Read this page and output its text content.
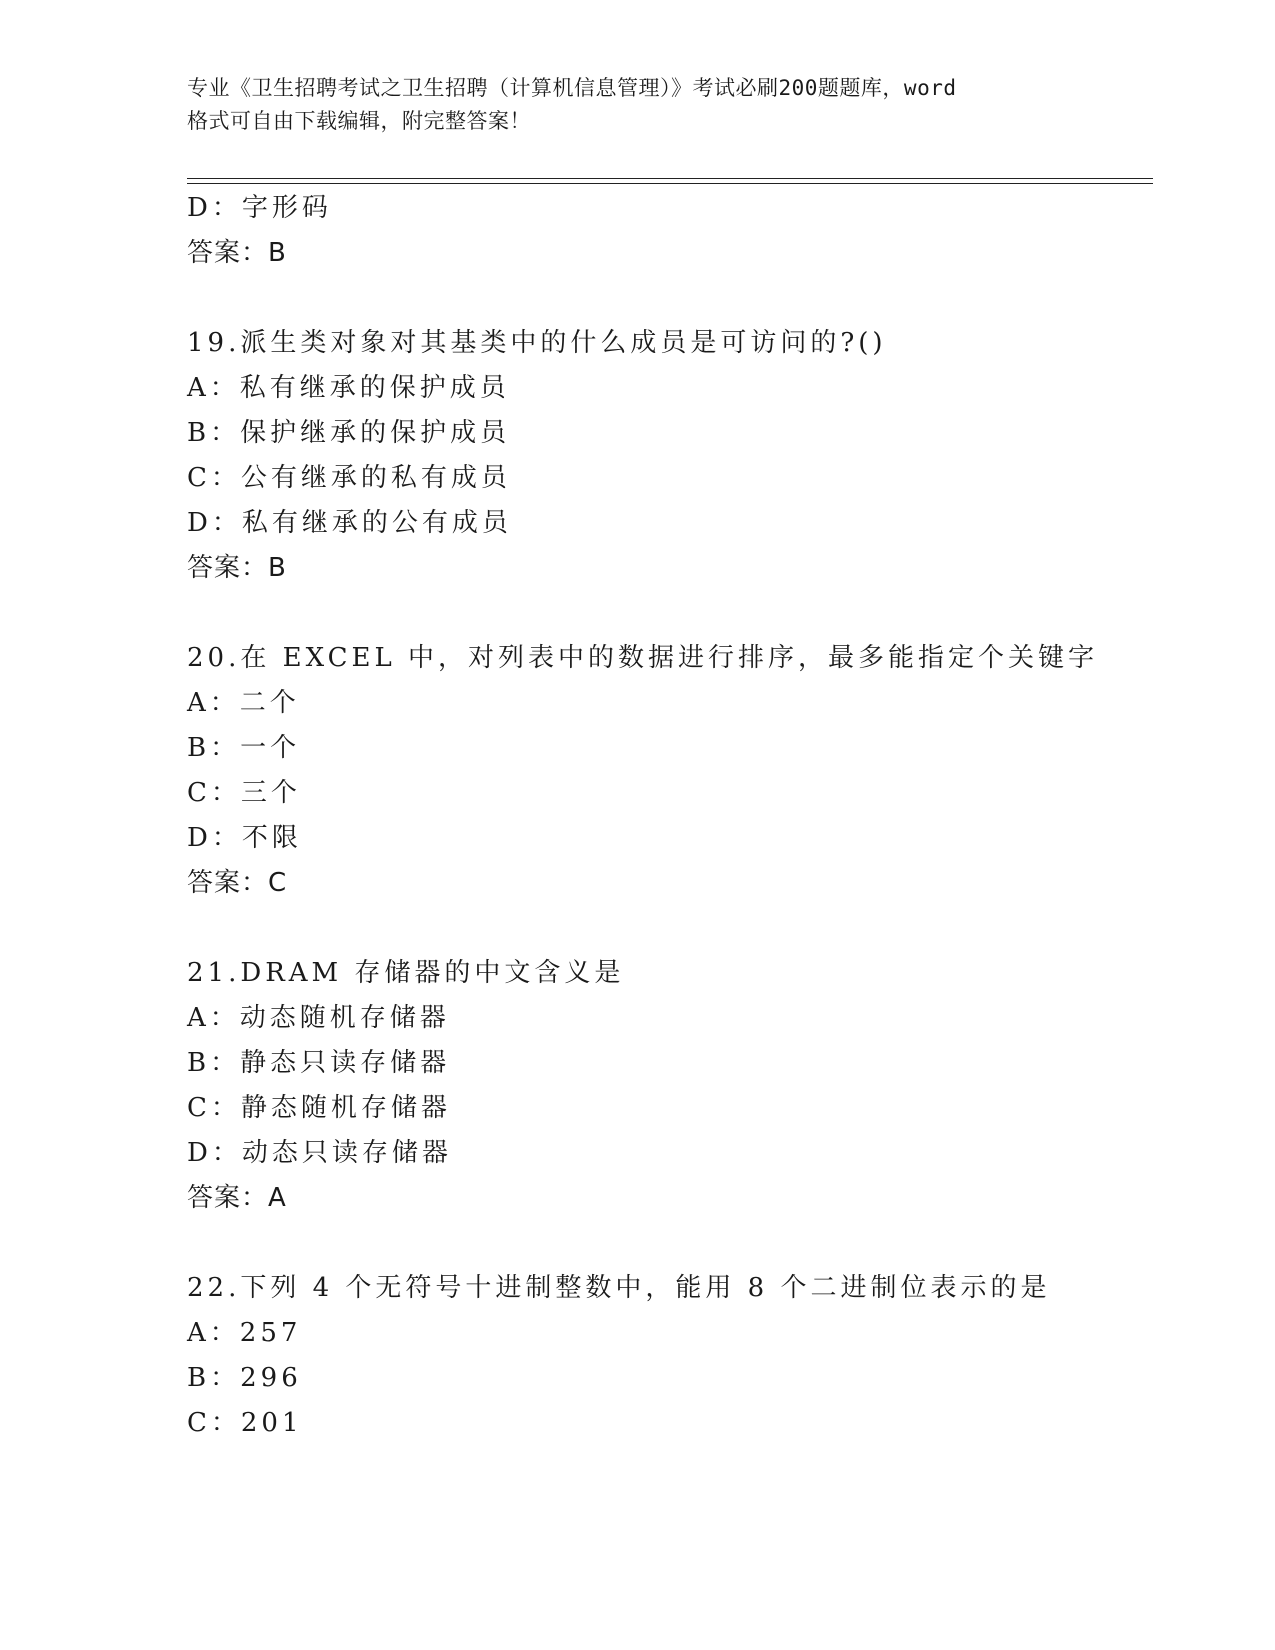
专业《卫生招聘考试之卫生招聘（计算机信息管理）》考试必刷200题题库，word
格式可自由下载编辑，附完整答案！
D：字形码
答案：B
19.派生类对象对其基类中的什么成员是可访问的?()
A：私有继承的保护成员
B：保护继承的保护成员
C：公有继承的私有成员
D：私有继承的公有成员
答案：B
20.在 EXCEL 中，对列表中的数据进行排序，最多能指定个关键字
A：二个
B：一个
C：三个
D：不限
答案：C
21.DRAM 存储器的中文含义是
A：动态随机存储器
B：静态只读存储器
C：静态随机存储器
D：动态只读存储器
答案：A
22.下列 4 个无符号十进制整数中，能用 8 个二进制位表示的是
A：257
B：296
C：201
